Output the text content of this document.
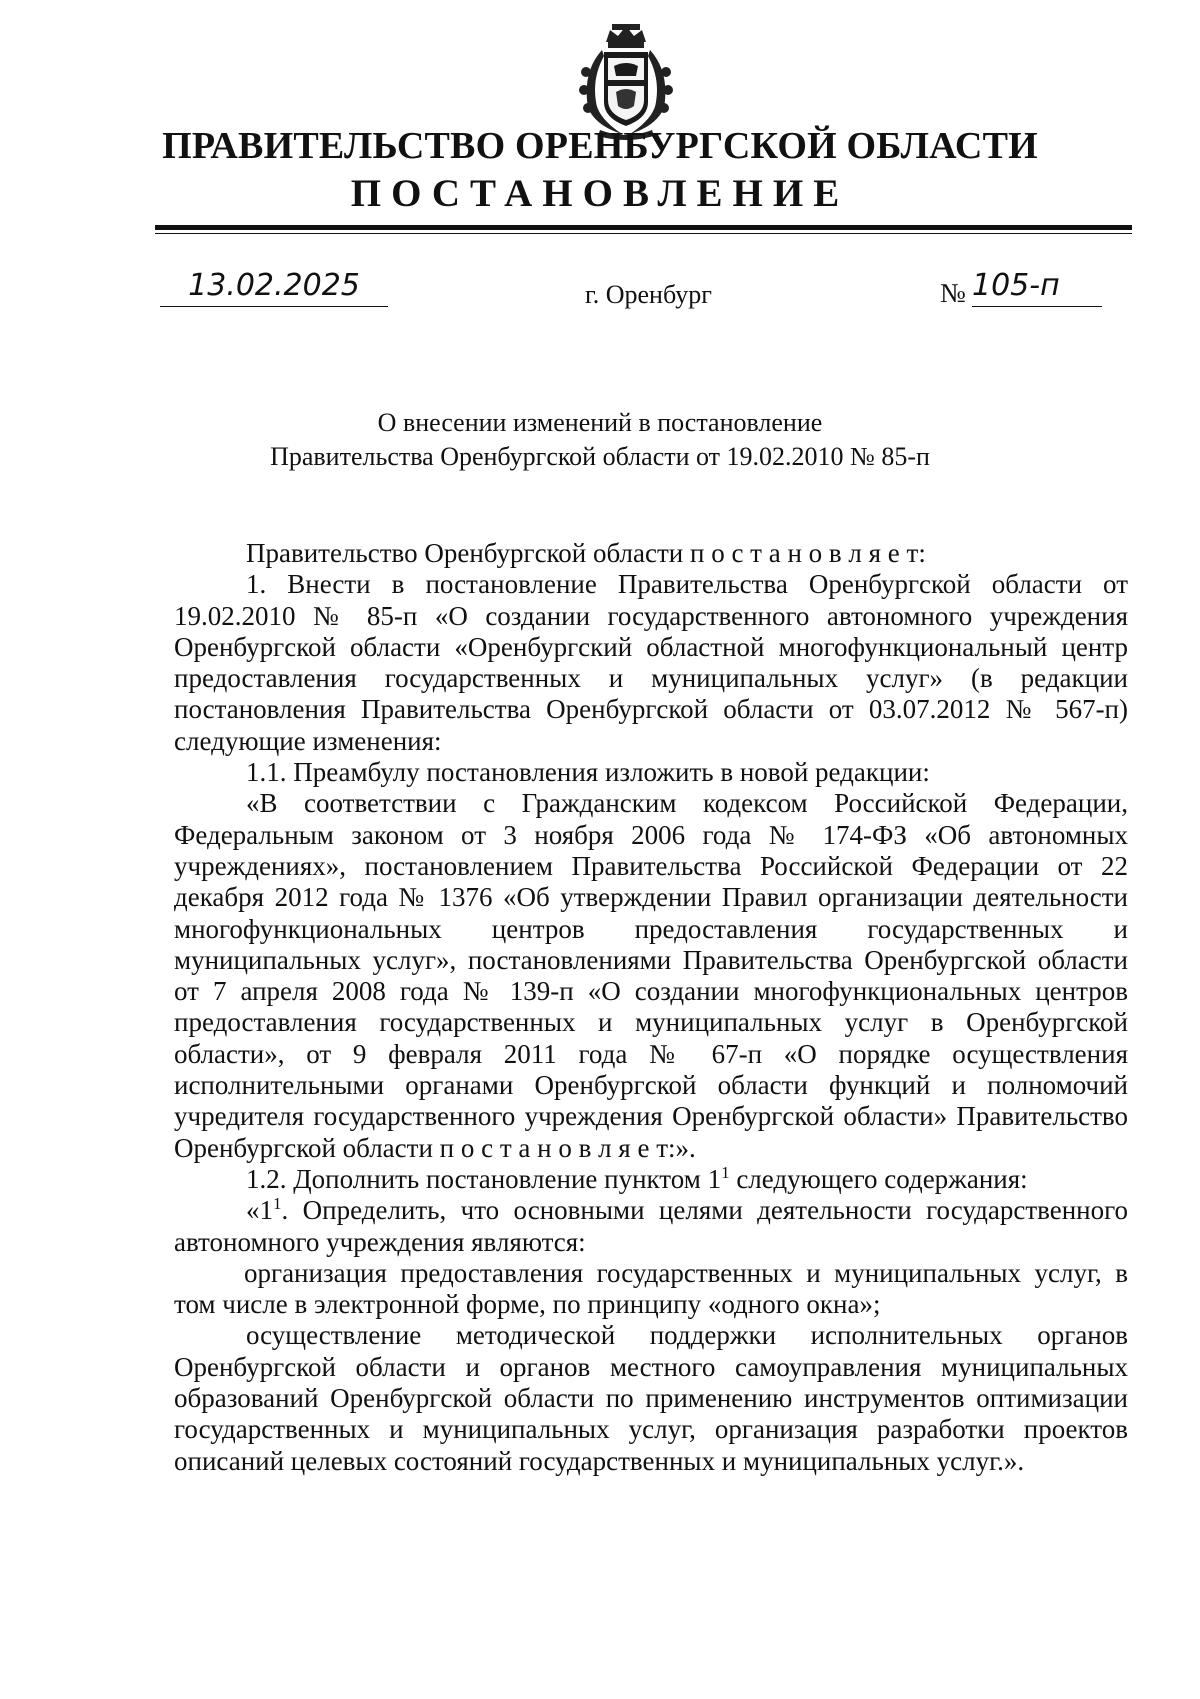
ПРАВИТЕЛЬСТВО ОРЕНБУРГСКОЙ ОБЛАСТИ
ПОСТАНОВЛЕНИЕ
13.02.2025	г. Оренбург	№ 105-п
О внесении изменений в постановление
Правительства Оренбургской области от 19.02.2010 № 85-п

Правительство Оренбургской области п о с т а н о в л я е т:

1. Внести в постановление Правительства Оренбургской области от 19.02.2010 № 85-п «О создании государственного автономного учреждения Оренбургской области «Оренбургский областной многофункциональный центр предоставления государственных и муниципальных услуг» (в редакции постановления Правительства Оренбургской области от 03.07.2012 № 567-п) следующие изменения:

1.1. Преамбулу постановления изложить в новой редакции:

«В соответствии с Гражданским кодексом Российской Федерации, Федеральным законом от 3 ноября 2006 года № 174-ФЗ «Об автономных учреждениях», постановлением Правительства Российской Федерации от 22 декабря 2012 года № 1376 «Об утверждении Правил организации деятельности многофункциональных центров предоставления государственных и муниципальных услуг», постановлениями Правительства Оренбургской области от 7 апреля 2008 года № 139-п «О создании многофункциональных центров предоставления государственных и муниципальных услуг в Оренбургской области», от 9 февраля 2011 года № 67-п «О порядке осуществления исполнительными органами Оренбургской области функций и полномочий учредителя государственного учреждения Оренбургской области» Правительство Оренбургской области п о с т а н о в л я е т:».

1.2. Дополнить постановление пунктом $1^1$ следующего содержания:

«$1^1$. Определить, что основными целями деятельности государственного автономного учреждения являются:

организация предоставления государственных и муниципальных услуг, в том числе в электронной форме, по принципу «одного окна»;

осуществление методической поддержки исполнительных органов Оренбургской области и органов местного самоуправления муниципальных образований Оренбургской области по применению инструментов оптимизации государственных и муниципальных услуг, организация разработки проектов описаний целевых состояний государственных и муниципальных услуг.».
